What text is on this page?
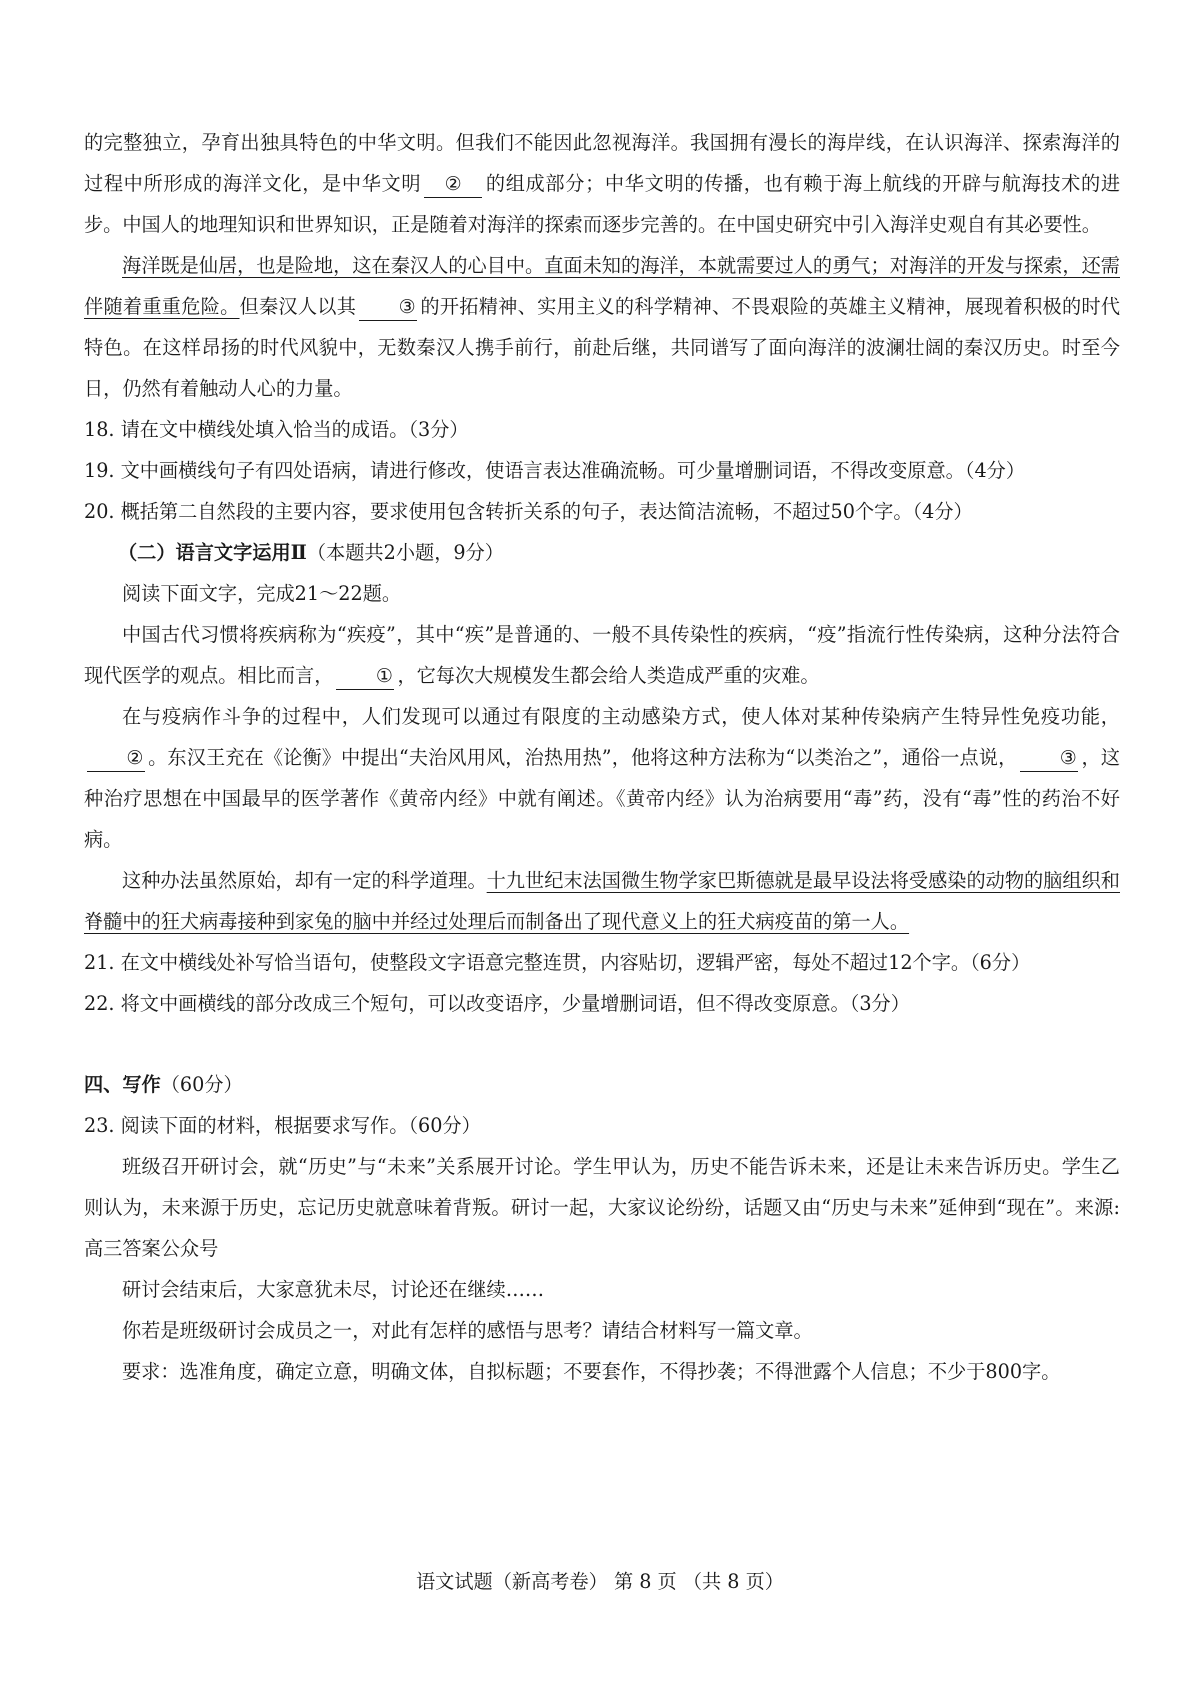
的完整独立，孕育出独具特色的中华文明。但我们不能因此忽视海洋。我国拥有漫长的海岸线，在认识海洋、探索海洋的过程中所形成的海洋文化，是中华文明 ② 的组成部分；中华文明的传播，也有赖于海上航线的开辟与航海技术的进步。中国人的地理知识和世界知识，正是随着对海洋的探索而逐步完善的。在中国史研究中引入海洋史观自有其必要性。

海洋既是仙居，也是险地，这在秦汉人的心目中。直面未知的海洋，本就需要过人的勇气；对海洋的开发与探索，还需伴随着重重危险。但秦汉人以其 ③ 的开拓精神、实用主义的科学精神、不畏艰险的英雄主义精神，展现着积极的时代特色。在这样昂扬的时代风貌中，无数秦汉人携手前行，前赴后继，共同谱写了面向海洋的波澜壮阔的秦汉历史。时至今日，仍然有着触动人心的力量。

18. 请在文中横线处填入恰当的成语。（3分）

19. 文中画横线句子有四处语病，请进行修改，使语言表达准确流畅。可少量增删词语，不得改变原意。（4分）

20. 概括第二自然段的主要内容，要求使用包含转折关系的句子，表达简洁流畅，不超过50个字。（4分）

（二）语言文字运用Ⅱ（本题共2小题，9分）

阅读下面文字，完成21～22题。

中国古代习惯将疾病称为“疾疫”，其中“疾”是普通的、一般不具传染性的疾病，“疫”指流行性传染病，这种分法符合现代医学的观点。相比而言， ① ，它每次大规模发生都会给人类造成严重的灾难。

在与疫病作斗争的过程中，人们发现可以通过有限度的主动感染方式，使人体对某种传染病产生特异性免疫功能，② 。东汉王充在《论衡》中提出“夫治风用风，治热用热”，他将这种方法称为“以类治之”，通俗一点说， ③ ，这种治疗思想在中国最早的医学著作《黄帝内经》中就有阐述。《黄帝内经》认为治病要用“毒”药，没有“毒”性的药治不好病。

这种办法虽然原始，却有一定的科学道理。十九世纪末法国微生物学家巴斯德就是最早设法将受感染的动物的脑组织和脊髓中的狂犬病毒接种到家兔的脑中并经过处理后而制备出了现代意义上的狂犬病疫苗的第一人。

21. 在文中横线处补写恰当语句，使整段文字语意完整连贯，内容贴切，逻辑严密，每处不超过12个字。（6分）

22. 将文中画横线的部分改成三个短句，可以改变语序，少量增删词语，但不得改变原意。（3分）

四、写作（60分）

23. 阅读下面的材料，根据要求写作。（60分）

班级召开研讨会，就“历史”与“未来”关系展开讨论。学生甲认为，历史不能告诉未来，还是让未来告诉历史。学生乙则认为，未来源于历史，忘记历史就意味着背叛。研讨一起，大家议论纷纷，话题又由“历史与未来”延伸到“现在”。来源: 高三答案公众号

研讨会结束后，大家意犹未尽，讨论还在继续……

你若是班级研讨会成员之一，对此有怎样的感悟与思考？请结合材料写一篇文章。

要求：选准角度，确定立意，明确文体，自拟标题；不要套作，不得抄袭；不得泄露个人信息；不少于800字。

语文试题（新高考卷） 第 8 页 （共 8 页）
